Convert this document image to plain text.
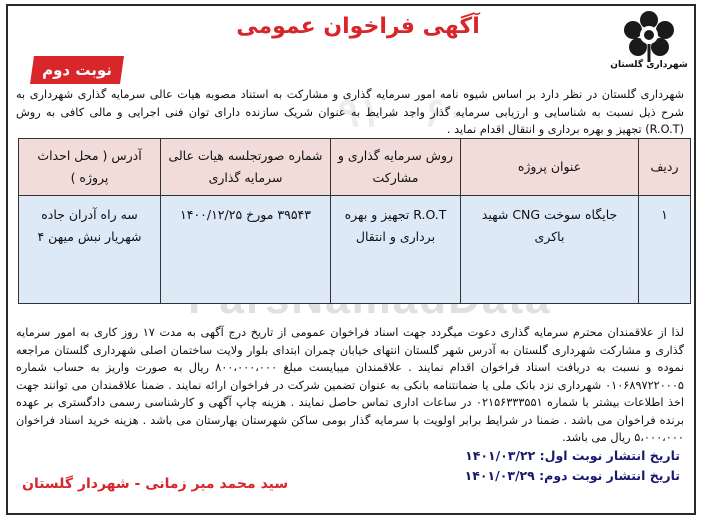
۹۱۰۰۶۰
شهرداری گلستان
آگهی فراخوان عمومی
نوبت دوم
شهرداری گلستان در نظر دارد بر اساس شیوه نامه امور سرمایه گذاری و مشارکت به استناد مصوبه هیات عالی سرمایه گذاری شهرداری به شرح ذیل نسبت به شناسایی و ارزیابی سرمایه گذار واجد شرایط به عنوان شریک سازنده دارای توان فنی اجرایی و مالی کافی به روش (R.O.T) تجهیز و بهره برداری و انتقال اقدام نماید .
ردیف	عنوان پروژه	روش سرمایه گذاری و مشارکت	شماره صورتجلسه هیات عالی سرمایه گذاری	آدرس ( محل احداث پروژه )
۱	جایگاه سوخت CNG شهید باکری	R.O.T تجهیز و بهره برداری و انتقال	۳۹۵۴۳ مورخ ۱۴۰۰/۱۲/۲۵	سه راه آدران جاده شهریار نبش میهن ۴
لذا از علاقمندان محترم سرمایه گذاری دعوت میگردد جهت اسناد فراخوان عمومی از تاریخ درج آگهی به مدت ۱۷ روز کاری به امور سرمایه گذاری و مشارکت شهرداری گلستان به آدرس شهر گلستان انتهای خیابان چمران ابتدای بلوار ولایت ساختمان اصلی شهرداری گلستان مراجعه نموده و نسبت به دریافت اسناد فراخوان اقدام نمایند . علاقمندان میبایست مبلغ ۸۰۰،۰۰۰،۰۰۰ ریال به صورت واریز به حساب شماره ۰۱۰۶۸۹۷۲۲۰۰۰۵ شهرداری نزد بانک ملی یا ضمانتنامه بانکی به عنوان تضمین شرکت در فراخوان ارائه نمایند . ضمنا علاقمندان می توانند جهت اخذ اطلاعات بیشتر با شماره ۰۲۱۵۶۳۳۳۵۵۱ در ساعات اداری تماس حاصل نمایند . هزینه چاپ آگهی و کارشناسی رسمی دادگستری بر عهده برنده فراخوان می باشد . ضمنا در شرایط برابر اولویت با سرمایه گذار بومی ساکن شهرستان بهارستان می باشد . هزینه خرید اسناد فراخوان ۵،۰۰۰،۰۰۰ ریال می باشد.
تاریخ انتشار نوبت اول: ۱۴۰۱/۰۳/۲۲
تاریخ انتشار نوبت دوم: ۱۴۰۱/۰۳/۲۹
سید محمد میر زمانی - شهردار گلستان
